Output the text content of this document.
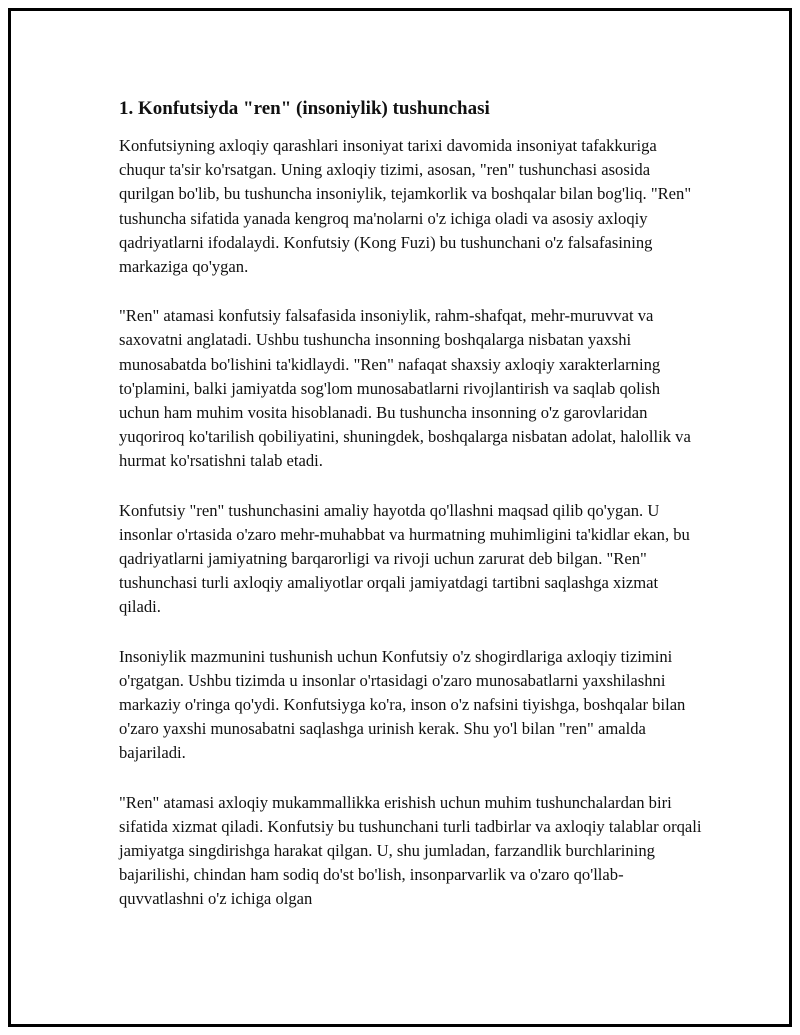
1. Konfutsiyda "ren" (insoniylik) tushunchasi

Konfutsiyning axloqiy qarashlari insoniyat tarixi davomida insoniyat tafakkuriga chuqur ta'sir ko'rsatgan. Uning axloqiy tizimi, asosan, "ren" tushunchasi asosida qurilgan bo'lib, bu tushuncha insoniylik, tejamkorlik va boshqalar bilan bog'liq. "Ren" tushuncha sifatida yanada kengroq ma'nolarni o'z ichiga oladi va asosiy axloqiy qadriyatlarni ifodalaydi. Konfutsiy (Kong Fuzi) bu tushunchani o'z falsafasining markaziga qo'ygan.

"Ren" atamasi konfutsiy falsafasida insoniylik, rahm-shafqat, mehr-muruvvat va saxovatni anglatadi. Ushbu tushuncha insonning boshqalarga nisbatan yaxshi munosabatda bo'lishini ta'kidlaydi. "Ren" nafaqat shaxsiy axloqiy xarakterlarning to'plamini, balki jamiyatda sog'lom munosabatlarni rivojlantirish va saqlab qolish uchun ham muhim vosita hisoblanadi. Bu tushuncha insonning o'z garovlaridan yuqoriroq ko'tarilish qobiliyatini, shuningdek, boshqalarga nisbatan adolat, halollik va hurmat ko'rsatishni talab etadi.

Konfutsiy "ren" tushunchasini amaliy hayotda qo'llashni maqsad qilib qo'ygan. U insonlar o'rtasida o'zaro mehr-muhabbat va hurmatning muhimligini ta'kidlar ekan, bu qadriyatlarni jamiyatning barqarorligi va rivoji uchun zarurat deb bilgan. "Ren" tushunchasi turli axloqiy amaliyotlar orqali jamiyatdagi tartibni saqlashga xizmat qiladi.

Insoniylik mazmunini tushunish uchun Konfutsiy o'z shogirdlariga axloqiy tizimini o'rgatgan. Ushbu tizimda u insonlar o'rtasidagi o'zaro munosabatlarni yaxshilashni markaziy o'ringa qo'ydi. Konfutsiyga ko'ra, inson o'z nafsini tiyishga, boshqalar bilan o'zaro yaxshi munosabatni saqlashga urinish kerak. Shu yo'l bilan "ren" amalda bajariladi.

"Ren" atamasi axloqiy mukammallikka erishish uchun muhim tushunchalardan biri sifatida xizmat qiladi. Konfutsiy bu tushunchani turli tadbirlar va axloqiy talablar orqali jamiyatga singdirishga harakat qilgan. U, shu jumladan, farzandlik burchlarining bajarilishi, chindan ham sodiq do'st bo'lish, insonparvarlik va o'zaro qo'llab-quvvatlashni o'z ichiga olgan
